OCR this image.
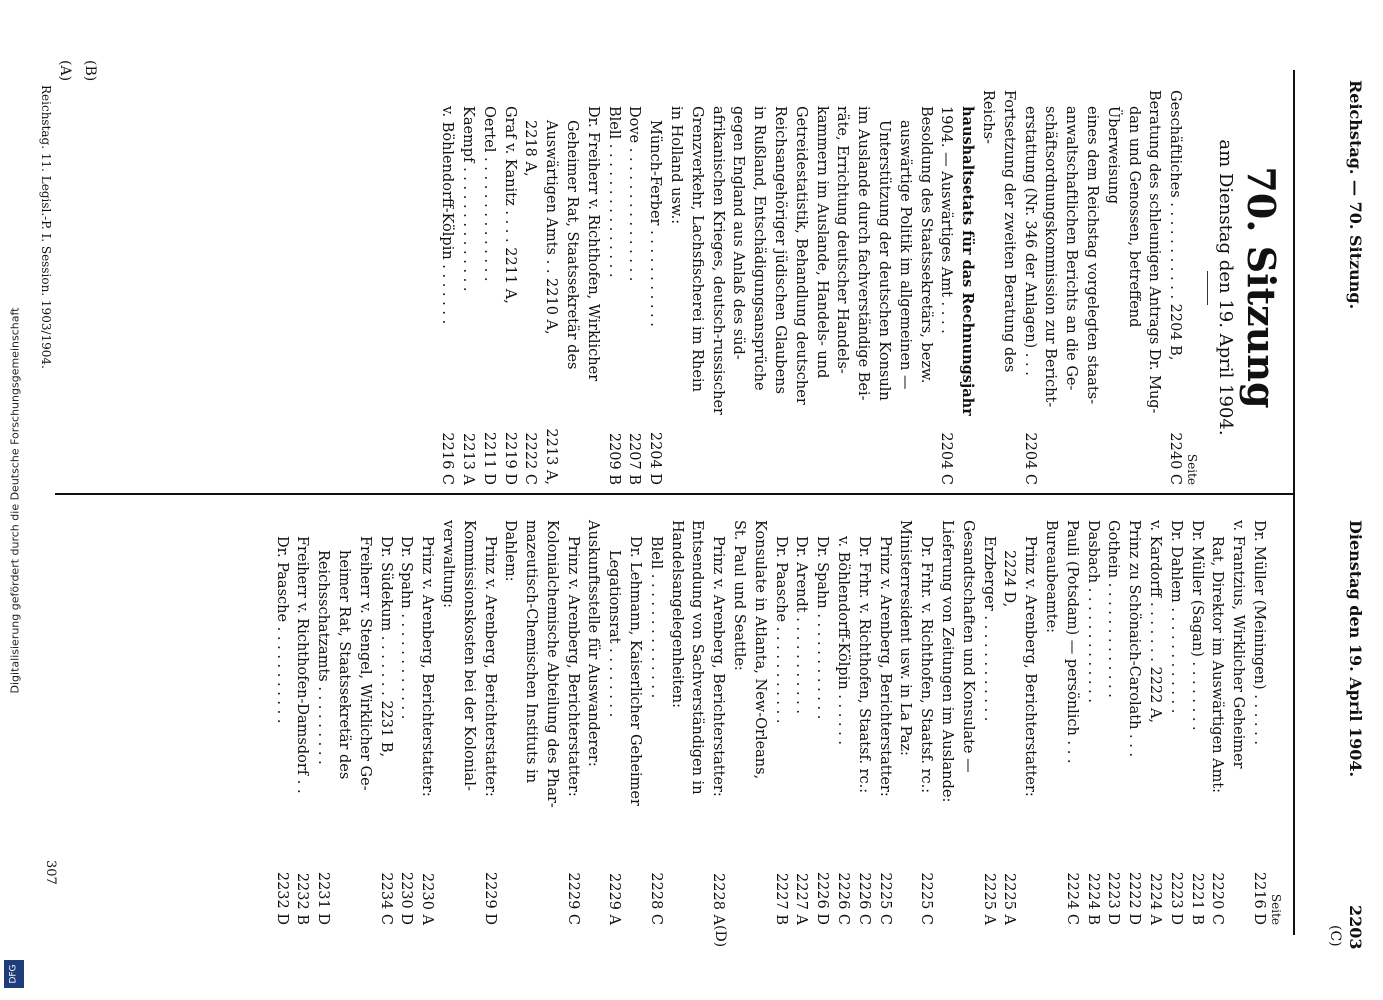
Reichstag. — 70. Sitzung.
Dienstag den 19. April 1904.
2203
(A) (B)
(C)
(D)
70. Sitzung
am Dienstag den 19. April 1904.
Seite
Geschäftliches . . . . . . . . . . . 2204 B,
2240 C
Beratung des schleunigen Antrags Dr. Mug-
dan und Genossen, betreffend Überweisung
eines dem Reichstag vorgelegten staats-
anwaltschaftlichen Berichts an die Ge-
schäftsordnungskommission zur Bericht-
erstattung (Nr. 346 der Anlagen) . . .
2204 C
Fortsetzung der zweiten Beratung des Reichs-
haushaltsetats für das Rechnungsjahr
1904. — Auswärtiges Amt . . . .
2204 C
Besoldung des Staatssekretärs, bezw.
auswärtige Politik im allgemeinen —
Unterstützung der deutschen Konsuln
im Auslande durch fachverständige Bei-
räte, Errichtung deutscher Handels-
kammern im Auslande, Handels- und
Getreidestatistik, Behandlung deutscher
Reichsangehöriger jüdischen Glaubens
in Rußland, Entschädigungsansprüche
gegen England aus Anlaß des süd-
afrikanischen Krieges, deutsch-russischer
Grenzverkehr, Lachsfischerei im Rhein
in Holland usw.:
Münch-Ferber . . . . . . . . . . .
2204 D
Dove . . . . . . . . . . . . . . .
2207 B
Blell . . . . . . . . . . . . . . .
2209 B
Dr. Freiherr v. Richthofen, Wirklicher
Geheimer Rat, Staatssekretär des
Auswärtigen Amts . . 2210 A,
2213 A,
2218 A,
2222 C
Graf v. Kanitz . . . . 2211 A,
2219 D
Oertel . . . . . . . . . . . . . .
2211 D
Kaempf . . . . . . . . . . . . . .
2213 A
v. Böhlendorff-Kölpin . . . . . . .
2216 C
Seite
Dr. Müller (Meiningen) . . . . . .
2216 D
v. Frantzius, Wirklicher Geheimer
Rat, Direktor im Auswärtigen Amt:
2220 C
Dr. Müller (Sagan) . . . . . . . .
2221 B
Dr. Dahlem . . . . . . . . . . . .
2223 D
v. Kardorff . . . . . . . 2222 A,
2224 A
Prinz zu Schönaich-Carolath . . .
2222 D
Gothein . . . . . . . . . . . . .
2223 D
Dasbach . . . . . . . . . . . . .
2224 B
Pauli (Potsdam) — persönlich . . .
2224 C
Bureaubeamte:
Prinz v. Arenberg, Berichterstatter:
2224 D,
2225 A
Erzberger . . . . . . . . . . . .
2225 A
Gesandtschaften und Konsulate —
Lieferung von Zeitungen im Auslande:
Dr. Frhr. v. Richthofen, Staatsf. rc.:
2225 C
Ministerresident usw. in La Paz:
Prinz v. Arenberg, Berichterstatter:
2225 C
Dr. Frhr. v. Richthofen, Staatsf. rc.:
2226 C
v. Böhlendorff-Kölpin . . . . . .
2226 C
Dr. Spahn . . . . . . . . . . . .
2226 D
Dr. Arendt . . . . . . . . . . .
2227 A
Dr. Paasche . . . . . . . . . . .
2227 B
Konsulate in Atlanta, New-Orleans,
St. Paul und Seattle:
Prinz v. Arenberg, Berichterstatter:
2228 A
Entsendung von Sachverständigen in
Handelsangelegenheiten:
Blell . . . . . . . . . . . . . .
2228 C
Dr. Lehmann, Kaiserlicher Geheimer
Legationsrat . . . . . . . .
2229 A
Auskunftsstelle für Auswanderer:
Prinz v. Arenberg, Berichterstatter:
2229 C
Kolonialchemische Abteilung des Phar-
mazeutisch-Chemischen Instituts in
Dahlem:
Prinz v. Arenberg, Berichterstatter:
2229 D
Kommissionskosten bei der Kolonial-
verwaltung:
Prinz v. Arenberg, Berichterstatter:
2230 A
Dr. Spahn . . . . . . . . . . . .
2230 D
Dr. Südekum . . . . . . . 2231 B,
2234 C
Freiherr v. Stengel, Wirklicher Ge-
heimer Rat, Staatssekretär des
Reichsschatzamts . . . . . . . . .
2231 D
Freiherr v. Richthofen-Damsdorf . .
2232 B
Dr. Paasche . . . . . . . . . . .
2232 D
Reichstag. 11. Legisl.-P. I. Session. 1903/1904.
307
Digitalisierung gefördert durch die Deutsche Forschungsgemeinschaft
DFG
